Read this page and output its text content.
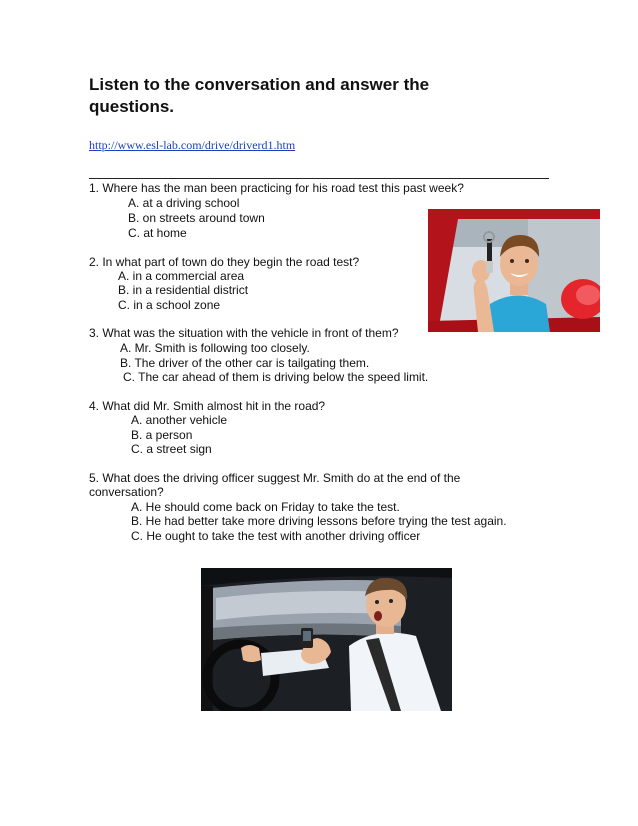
Listen to the conversation and answer the questions.
http://www.esl-lab.com/drive/driverd1.htm
1. Where has the man been practicing for his road test this past week?
A. at a driving school
B. on streets around town
C. at home
2. In what part of town do they begin the road test?
A. in a commercial area
B. in a residential district
C. in a school zone
3. What was the situation with the vehicle in front of them?
A. Mr. Smith is following too closely.
B. The driver of the other car is tailgating them.
C. The car ahead of them is driving below the speed limit.
4. What did Mr. Smith almost hit in the road?
A. another vehicle
B. a person
C. a street sign
5. What does the driving officer suggest Mr. Smith do at the end of the
conversation?
A. He should come back on Friday to take the test.
B. He had better take more driving lessons before trying the test again.
C. He ought to take the test with another driving officer
